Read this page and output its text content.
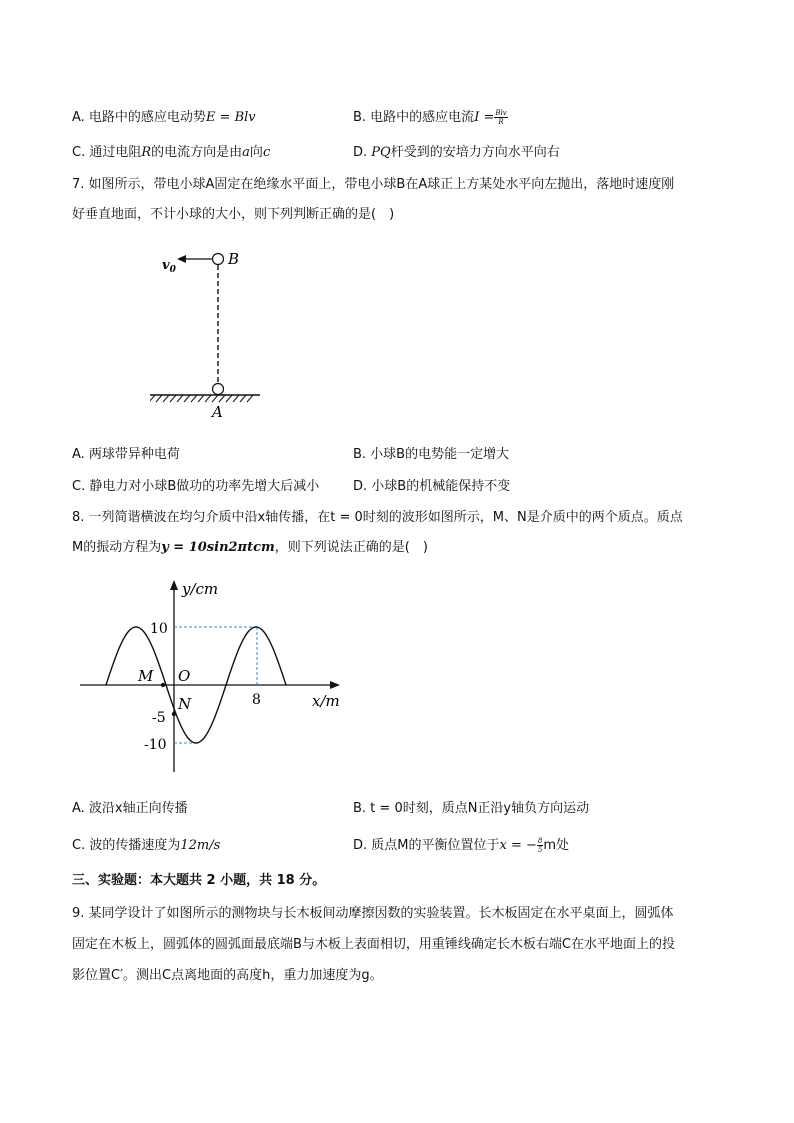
A. 电路中的感应电动势E = Blv	B. 电路中的感应电流$I = \frac{\text{Blv}}{R}$
C. 通过电阻R的电流方向是由a向c	D. PQ杆受到的安培力方向水平向右
7. 如图所示，带电小球A固定在绝缘水平面上，带电小球B在A球正上方某处水平向左抛出，落地时速度刚
好垂直地面，不计小球的大小，则下列判断正确的是(　)
$v_0$
B
A
A. 两球带异种电荷	B. 小球B的电势能一定增大
C. 静电力对小球B做功的功率先增大后减小	D. 小球B的机械能保持不变
8. 一列简谐横波在均匀介质中沿x轴传播，在t = 0时刻的波形如图所示，M、N是介质中的两个质点。质点
M的振动方程为y = 10sin2πtcm，则下列说法正确的是(　)
y/cm
x/m
10
-5
-10
8
M O
N
A. 波沿x轴正向传播	B. t = 0时刻，质点N正沿y轴负方向运动
C. 波的传播速度为12m/s	D. 质点M的平衡位置位于x = − $\frac{8}{5}$ m处
三、实验题：本大题共 2 小题，共 18 分。
9. 某同学设计了如图所示的测物块与长木板间动摩擦因数的实验装置。长木板固定在水平桌面上，圆弧体
固定在木板上，圆弧体的圆弧面最底端B与木板上表面相切，用重锤线确定长木板右端C在水平地面上的投
影位置C′。测出C点离地面的高度h，重力加速度为g。
